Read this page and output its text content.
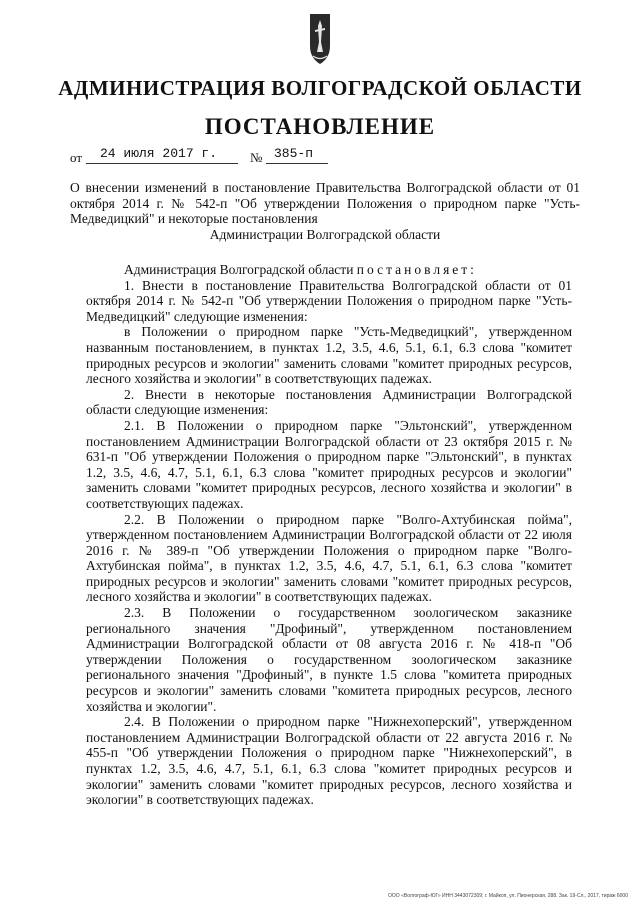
АДМИНИСТРАЦИЯ ВОЛГОГРАДСКОЙ ОБЛАСТИ
ПОСТАНОВЛЕНИЕ
от 24 июля 2017 г.	№ 385-п
О внесении изменений в постановление Правительства Волгоградской области от 01 октября 2014 г. № 542-п "Об утверждении Положения о природном парке "Усть-Медведицкий" и некоторые постановления
Администрации Волгоградской области

Администрация Волгоградской области постановляет:

1. Внести в постановление Правительства Волгоградской области от 01 октября 2014 г. № 542-п "Об утверждении Положения о природном парке "Усть-Медведицкий" следующие изменения:

в Положении о природном парке "Усть-Медведицкий", утвержденном названным постановлением, в пунктах 1.2, 3.5, 4.6, 5.1, 6.1, 6.3 слова "комитет природных ресурсов и экологии" заменить словами "комитет природных ресурсов, лесного хозяйства и экологии" в соответствующих падежах.

2. Внести в некоторые постановления Администрации Волгоградской области следующие изменения:

2.1. В Положении о природном парке "Эльтонский", утвержденном постановлением Администрации Волгоградской области от 23 октября 2015 г. № 631-п "Об утверждении Положения о природном парке "Эльтонский", в пунктах 1.2, 3.5, 4.6, 4.7, 5.1, 6.1, 6.3 слова "комитет природных ресурсов и экологии" заменить словами "комитет природных ресурсов, лесного хозяйства и экологии" в соответствующих падежах.

2.2. В Положении о природном парке "Волго-Ахтубинская пойма", утвержденном постановлением Администрации Волгоградской области от 22 июля 2016 г. № 389-п "Об утверждении Положения о природном парке "Волго-Ахтубинская пойма", в пунктах 1.2, 3.5, 4.6, 4.7, 5.1, 6.1, 6.3 слова "комитет природных ресурсов и экологии" заменить словами "комитет природных ресурсов, лесного хозяйства и экологии" в соответствующих падежах.

2.3. В Положении о государственном зоологическом заказнике регионального значения "Дрофиный", утвержденном постановлением Администрации Волгоградской области от 08 августа 2016 г. № 418-п "Об утверждении Положения о государственном зоологическом заказнике регионального значения "Дрофиный", в пункте 1.5 слова "комитета природных ресурсов и экологии" заменить словами "комитета природных ресурсов, лесного хозяйства и экологии".

2.4. В Положении о природном парке "Нижнехоперский", утвержденном постановлением Администрации Волгоградской области от 22 августа 2016 г. № 455-п "Об утверждении Положения о природном парке "Нижнехоперский", в пунктах 1.2, 3.5, 4.6, 4.7, 5.1, 6.1, 6.3 слова "комитет природных ресурсов и экологии" заменить словами "комитет природных ресурсов, лесного хозяйства и экологии" в соответствующих падежах.

ООО «Волгограф-ЮГ» ИНН 3443072309; г. Майкоп, ул. Пионерская, 288. Зак. 19-Сл., 2017, тираж 6000
